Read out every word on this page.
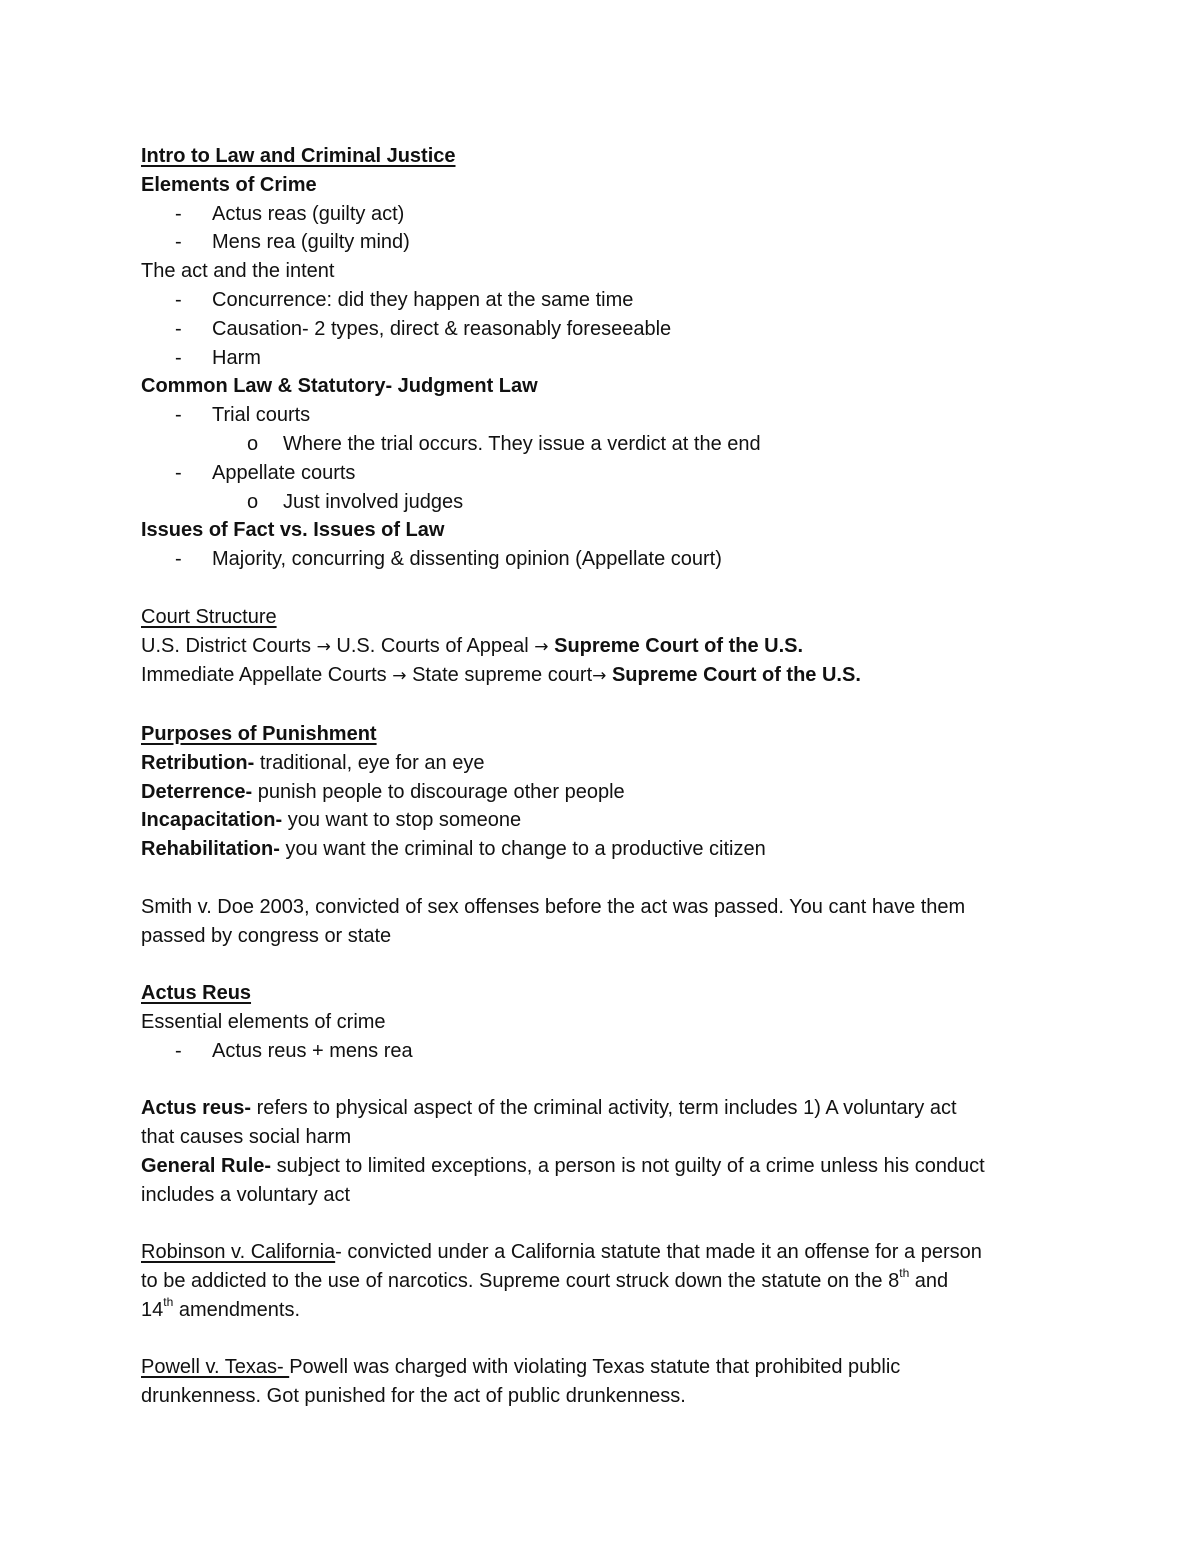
Intro to Law and Criminal Justice
Elements of Crime
- Actus reas (guilty act)
- Mens rea (guilty mind)
The act and the intent
- Concurrence: did they happen at the same time
- Causation- 2 types, direct & reasonably foreseeable
- Harm
Common Law & Statutory- Judgment Law
- Trial courts
o Where the trial occurs. They issue a verdict at the end
- Appellate courts
o Just involved judges
Issues of Fact vs. Issues of Law
- Majority, concurring & dissenting opinion (Appellate court)
Court Structure
U.S. District Courts → U.S. Courts of Appeal → Supreme Court of the U.S.
Immediate Appellate Courts → State supreme court→ Supreme Court of the U.S.
Purposes of Punishment
Retribution- traditional, eye for an eye
Deterrence- punish people to discourage other people
Incapacitation- you want to stop someone
Rehabilitation- you want the criminal to change to a productive citizen
Smith v. Doe 2003, convicted of sex offenses before the act was passed. You cant have them
passed by congress or state
Actus Reus
Essential elements of crime
- Actus reus + mens rea
Actus reus- refers to physical aspect of the criminal activity, term includes 1) A voluntary act
that causes social harm
General Rule- subject to limited exceptions, a person is not guilty of a crime unless his conduct
includes a voluntary act
Robinson v. California- convicted under a California statute that made it an offense for a person
to be addicted to the use of narcotics. Supreme court struck down the statute on the 8th and
14th amendments.
Powell v. Texas- Powell was charged with violating Texas statute that prohibited public
drunkenness. Got punished for the act of public drunkenness.
